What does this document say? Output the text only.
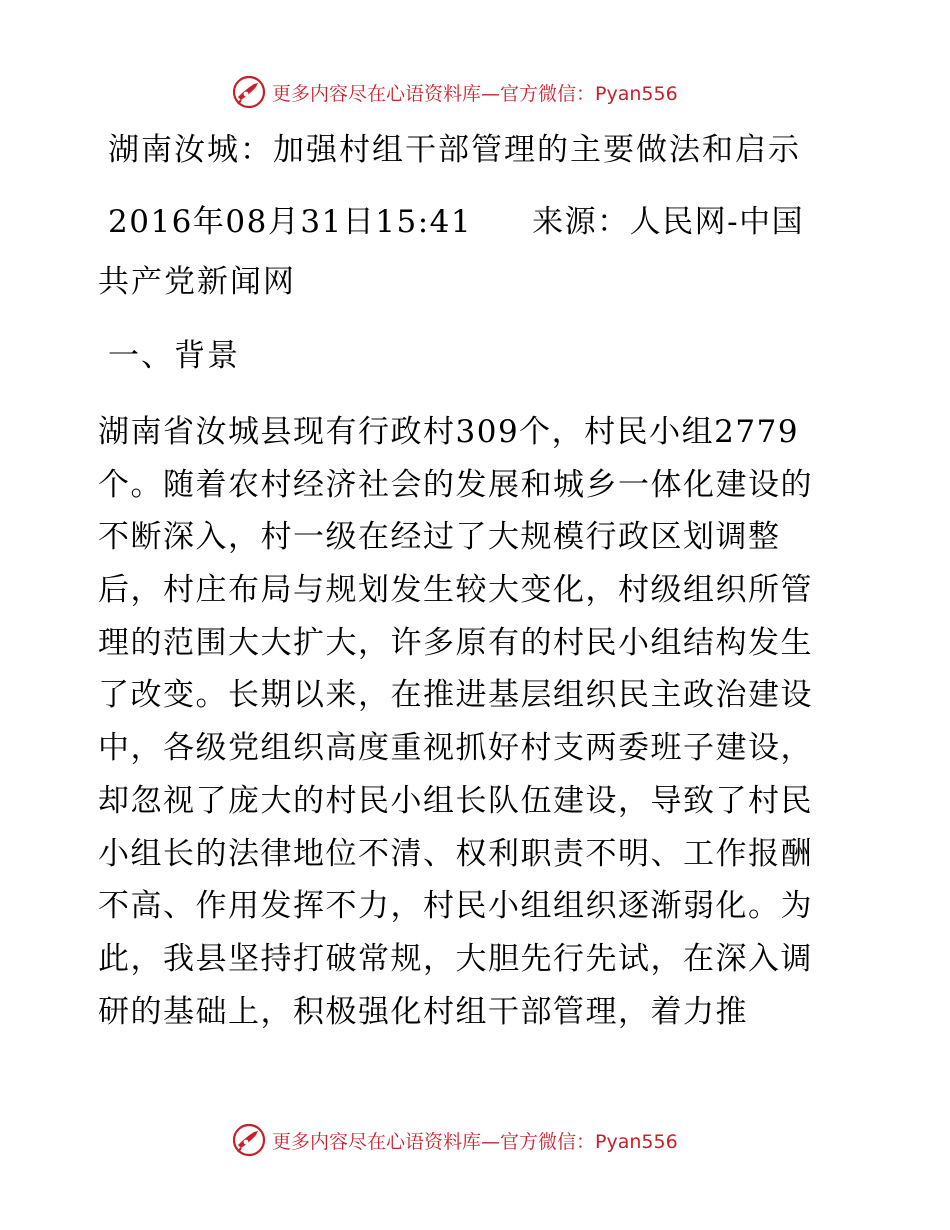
更多内容尽在心语资料库—官方微信：Pyan556
湖南汝城：加强村组干部管理的主要做法和启示
2016年08月31日15:41 来源：人民网-中国
共产党新闻网
一、背景
湖南省汝城县现有行政村309个，村民小组2779
个。随着农村经济社会的发展和城乡一体化建设的
不断深入，村一级在经过了大规模行政区划调整
后，村庄布局与规划发生较大变化，村级组织所管
理的范围大大扩大，许多原有的村民小组结构发生
了改变。长期以来，在推进基层组织民主政治建设
中，各级党组织高度重视抓好村支两委班子建设，
却忽视了庞大的村民小组长队伍建设，导致了村民
小组长的法律地位不清、权利职责不明、工作报酬
不高、作用发挥不力，村民小组组织逐渐弱化。为
此，我县坚持打破常规，大胆先行先试，在深入调
研的基础上，积极强化村组干部管理，着力推
更多内容尽在心语资料库—官方微信：Pyan556
